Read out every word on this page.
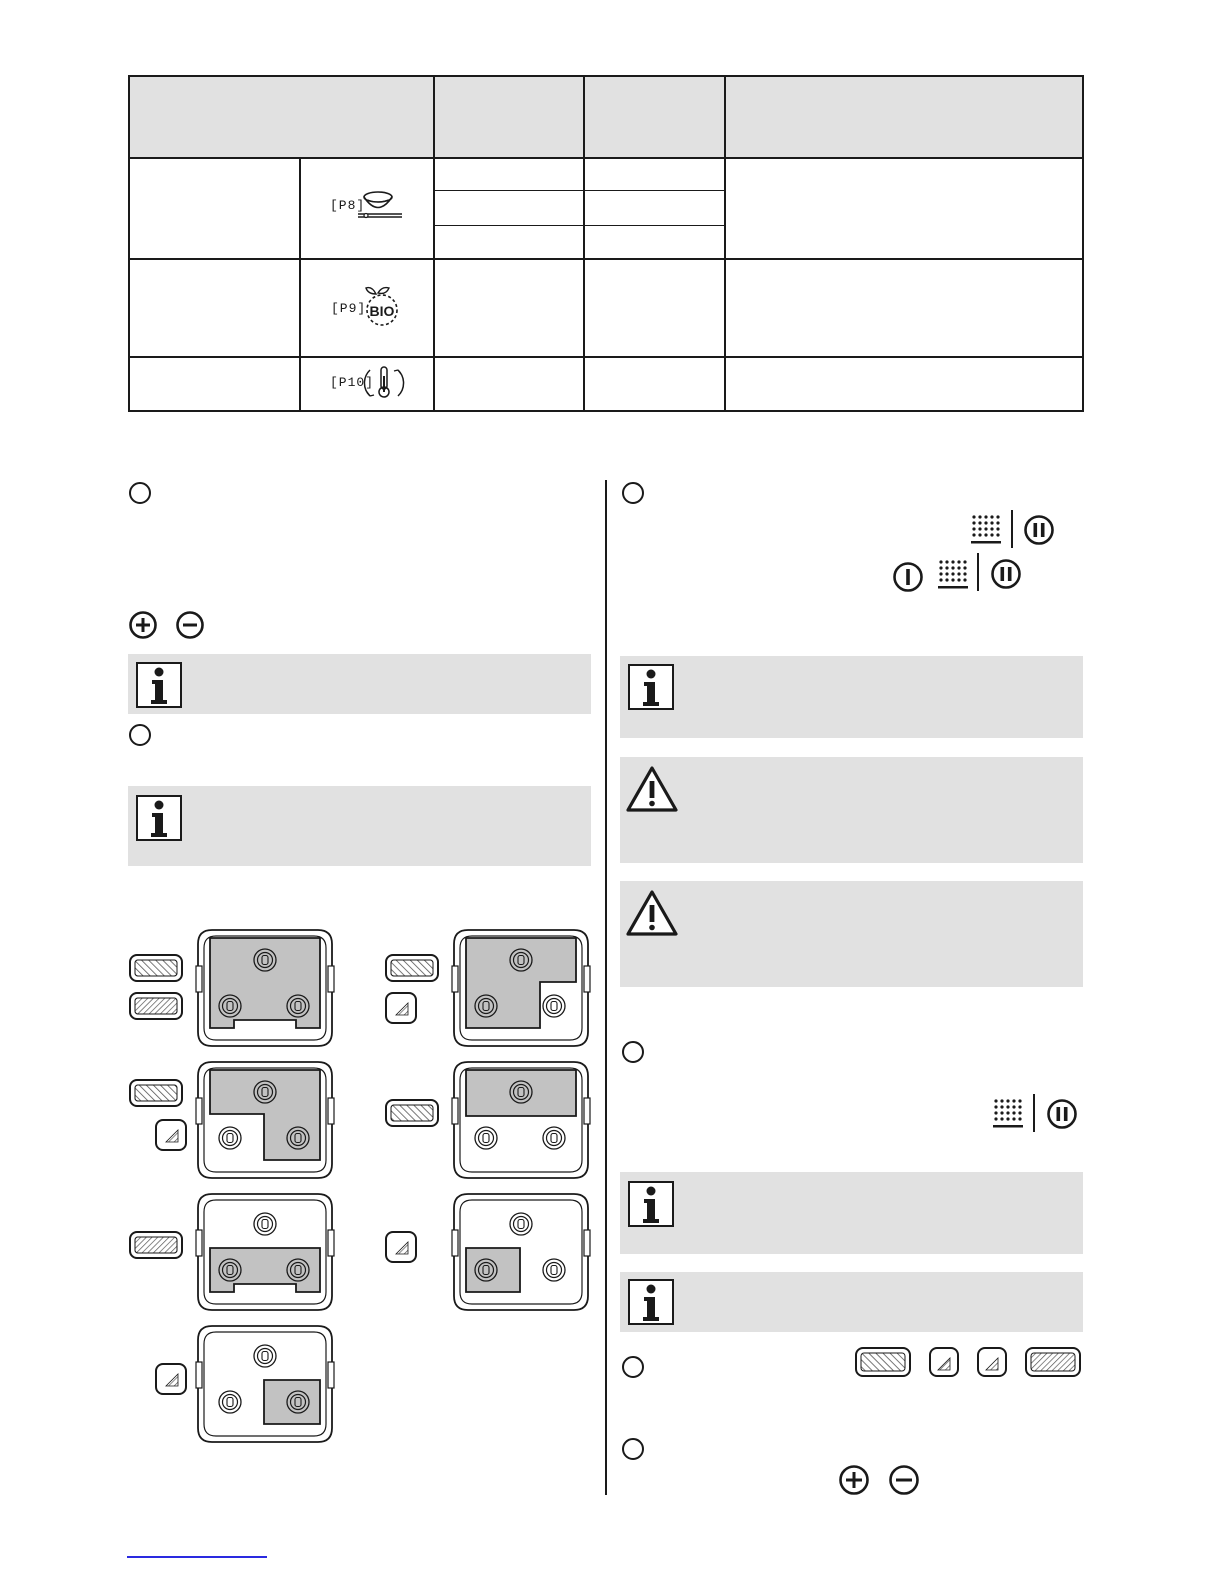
[P8]
[P9] BIO
[P10]
